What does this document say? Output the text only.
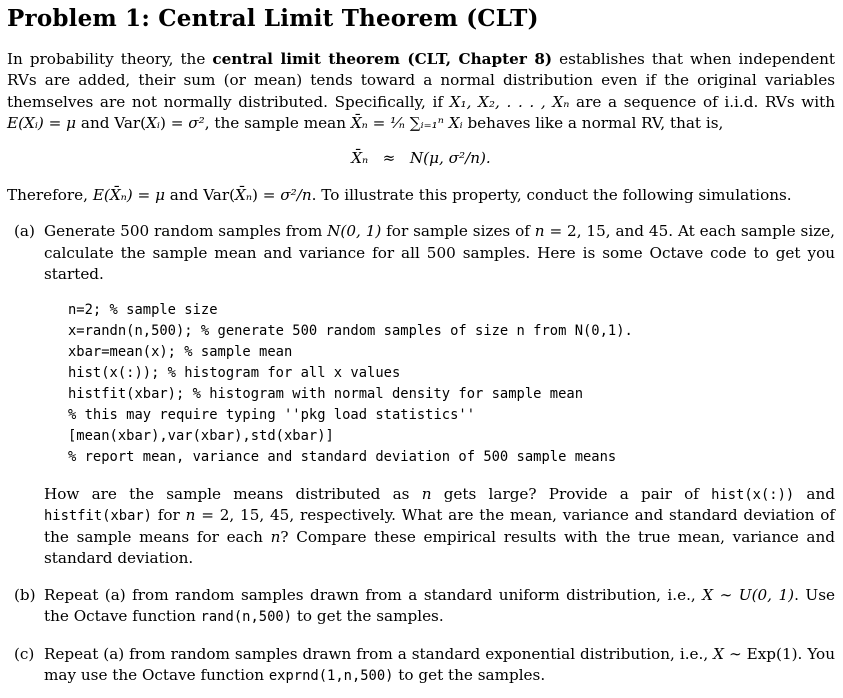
Problem 1: Central Limit Theorem (CLT)

In probability theory, the central limit theorem (CLT, Chapter 8) establishes that when independent RVs are added, their sum (or mean) tends toward a normal distribution even if the original variables themselves are not normally distributed. Specifically, if X₁, X₂, . . . , Xₙ are a sequence of i.i.d. RVs with E(Xᵢ) = μ and Var(Xᵢ) = σ², the sample mean X̄ₙ = ¹⁄ₙ ∑ᵢ₌₁ⁿ Xᵢ behaves like a normal RV, that is,

X̄ₙ   ≈   N(μ, σ²/n).

Therefore, E(X̄ₙ) = μ and Var(X̄ₙ) = σ²/n. To illustrate this property, conduct the following simulations.

(a) Generate 500 random samples from N(0, 1) for sample sizes of n = 2, 15, and 45. At each sample size, calculate the sample mean and variance for all 500 samples. Here is some Octave code to get you started.

n=2; % sample size
x=randn(n,500); % generate 500 random samples of size n from N(0,1).
xbar=mean(x); % sample mean
hist(x(:)); % histogram for all x values
histfit(xbar); % histogram with normal density for sample mean
% this may require typing ''pkg load statistics''
[mean(xbar),var(xbar),std(xbar)]
% report mean, variance and standard deviation of 500 sample means

How are the sample means distributed as n gets large? Provide a pair of hist(x(:)) and histfit(xbar) for n = 2, 15, 45, respectively. What are the mean, variance and standard deviation of the sample means for each n? Compare these empirical results with the true mean, variance and standard deviation.

(b) Repeat (a) from random samples drawn from a standard uniform distribution, i.e., X ∼ U(0, 1). Use the Octave function rand(n,500) to get the samples.

(c) Repeat (a) from random samples drawn from a standard exponential distribution, i.e., X ∼ Exp(1). You may use the Octave function exprnd(1,n,500) to get the samples.
